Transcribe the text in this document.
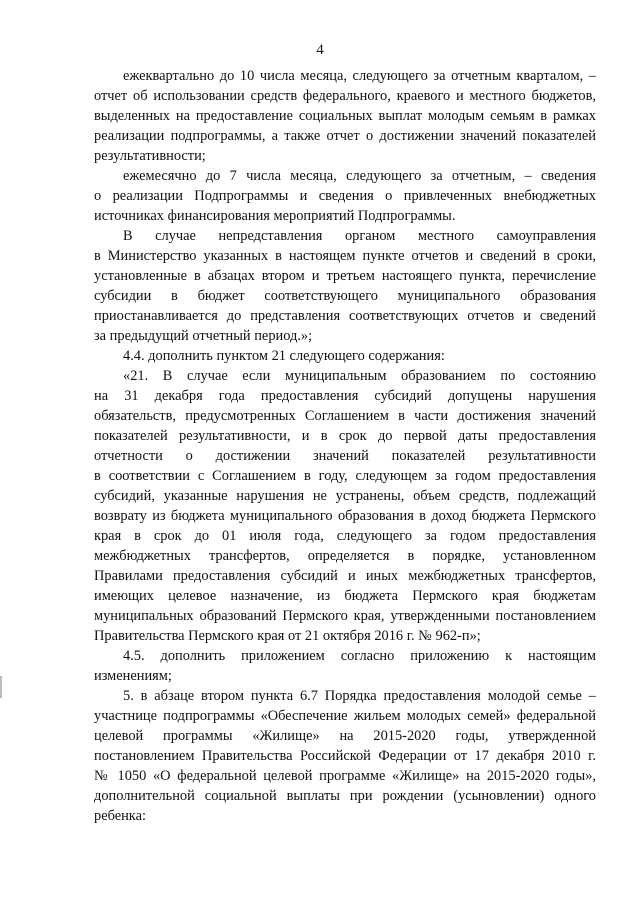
4
ежеквартально до 10 числа месяца, следующего за отчетным кварталом, –
отчет об использовании средств федерального, краевого и местного бюджетов,
выделенных на предоставление социальных выплат молодым семьям в рамках
реализации подпрограммы, а также отчет о достижении значений показателей
результативности;
ежемесячно до 7 числа месяца, следующего за отчетным, – сведения
о реализации Подпрограммы и сведения о привлеченных внебюджетных
источниках финансирования мероприятий Подпрограммы.
В случае непредставления органом местного самоуправления
в Министерство указанных в настоящем пункте отчетов и сведений в сроки,
установленные в абзацах втором и третьем настоящего пункта, перечисление
субсидии в бюджет соответствующего муниципального образования
приостанавливается до представления соответствующих отчетов и сведений
за предыдущий отчетный период.»;
4.4. дополнить пунктом 21 следующего содержания:
«21. В случае если муниципальным образованием по состоянию
на 31 декабря года предоставления субсидий допущены нарушения
обязательств, предусмотренных Соглашением в части достижения значений
показателей результативности, и в срок до первой даты предоставления
отчетности о достижении значений показателей результативности
в соответствии с Соглашением в году, следующем за годом предоставления
субсидий, указанные нарушения не устранены, объем средств, подлежащий
возврату из бюджета муниципального образования в доход бюджета Пермского
края в срок до 01 июля года, следующего за годом предоставления
межбюджетных трансфертов, определяется в порядке, установленном
Правилами предоставления субсидий и иных межбюджетных трансфертов,
имеющих целевое назначение, из бюджета Пермского края бюджетам
муниципальных образований Пермского края, утвержденными постановлением
Правительства Пермского края от 21 октября 2016 г. № 962-п»;
4.5. дополнить приложением согласно приложению к настоящим
изменениям;
5. в абзаце втором пункта 6.7 Порядка предоставления молодой семье –
участнице подпрограммы «Обеспечение жильем молодых семей» федеральной
целевой программы «Жилище» на 2015-2020 годы, утвержденной
постановлением Правительства Российской Федерации от 17 декабря 2010 г.
№ 1050 «О федеральной целевой программе «Жилище» на 2015-2020 годы»,
дополнительной социальной выплаты при рождении (усыновлении) одного
ребенка:
